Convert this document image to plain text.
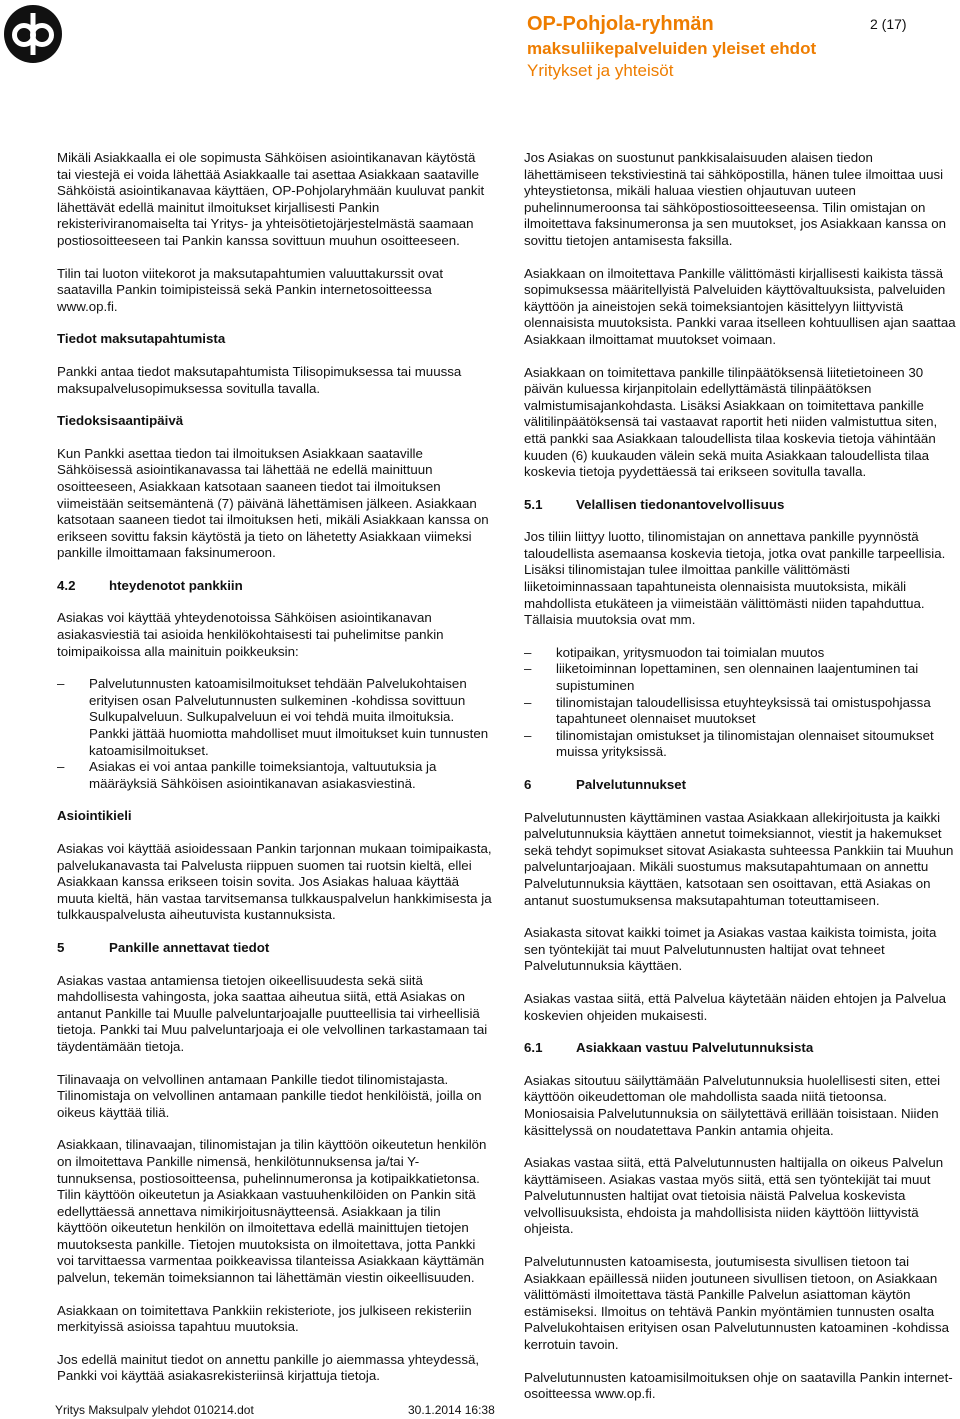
OP-Pohjola-ryhmän
maksuliikepalveluiden yleiset ehdot
Yritykset ja yhteisöt
2 (17)

Mikäli Asiakkaalla ei ole sopimusta Sähköisen asiointikanavan käytöstä tai viestejä ei voida lähettää Asiakkaalle tai asettaa Asiakkaan saataville Sähköistä asiointikanavaa käyttäen, OP-Pohjolaryhmään kuuluvat pankit lähettävät edellä mainitut ilmoitukset kirjallisesti Pankin rekisteriviranomaiselta tai Yritys- ja yhteisötietojärjestelmästä saamaan postiosoitteeseen tai Pankin kanssa sovittuun muuhun osoitteeseen.

Tilin tai luoton viitekorot ja maksutapahtumien valuuttakurssit ovat saatavilla Pankin toimipisteissä sekä Pankin internetosoitteessa www.op.fi.

Tiedot maksutapahtumista

Pankki antaa tiedot maksutapahtumista Tilisopimuksessa tai muussa maksupalvelusopimuksessa sovitulla tavalla.

Tiedoksisaantipäivä

Kun Pankki asettaa tiedon tai ilmoituksen Asiakkaan saataville Sähköisessä asiointikanavassa tai lähettää ne edellä mainittuun osoitteeseen, Asiakkaan katsotaan saaneen tiedot tai ilmoituksen viimeistään seitsemäntenä (7) päivänä lähettämisen jälkeen. Asiakkaan katsotaan saaneen tiedot tai ilmoituksen heti, mikäli Asiakkaan kanssa on erikseen sovittu faksin käytöstä ja tieto on lähetetty Asiakkaan viimeksi pankille ilmoittamaan faksinumeroon.

4.2	hteydenotot pankkiin

Asiakas voi käyttää yhteydenotoissa Sähköisen asiointikanavan asiakasviestiä tai asioida henkilökohtaisesti tai puhelimitse pankin toimipaikoissa alla mainituin poikkeuksin:

– Palvelutunnusten katoamisilmoitukset tehdään Palvelukohtaisen erityisen osan Palvelutunnusten sulkeminen -kohdissa sovittuun Sulkupalveluun. Sulkupalveluun ei voi tehdä muita ilmoituksia. Pankki jättää huomiotta mahdolliset muut ilmoitukset kuin tunnusten katoamisilmoitukset.
– Asiakas ei voi antaa pankille toimeksiantoja, valtuutuksia ja määräyksiä Sähköisen asiointikanavan asiakasviestinä.
Asiointikieli

Asiakas voi käyttää asioidessaan Pankin tarjonnan mukaan toimipaikasta, palvelukanavasta tai Palvelusta riippuen suomen tai ruotsin kieltä, ellei Asiakkaan kanssa erikseen toisin sovita. Jos Asiakas haluaa käyttää muuta kieltä, hän vastaa tarvitsemansa tulkkauspalvelun hankkimisesta ja tulkkauspalvelusta aiheutuvista kustannuksista.

5	Pankille annettavat tiedot

Asiakas vastaa antamiensa tietojen oikeellisuudesta sekä siitä mahdollisesta vahingosta, joka saattaa aiheutua siitä, että Asiakas on antanut Pankille tai Muulle palveluntarjoajalle puutteellisia tai virheellisiä tietoja. Pankki tai Muu palveluntarjoaja ei ole velvollinen tarkastamaan tai täydentämään tietoja.

Tilinavaaja on velvollinen antamaan Pankille tiedot tilinomistajasta. Tilinomistaja on velvollinen antamaan pankille tiedot henkilöistä, joilla on oikeus käyttää tiliä.

Asiakkaan, tilinavaajan, tilinomistajan ja tilin käyttöön oikeutetun henkilön on ilmoitettava Pankille nimensä, henkilötunnuksensa ja/tai Y-tunnuksensa, postiosoitteensa, puhelinnumeronsa ja kotipaikkatietonsa. Tilin käyttöön oikeutetun ja Asiakkaan vastuuhenkilöiden on Pankin sitä edellyttäessä annettava nimikirjoitusnäytteensä. Asiakkaan ja tilin käyttöön oikeutetun henkilön on ilmoitettava edellä mainittujen tietojen muutoksesta pankille. Tietojen muutoksista on ilmoitettava, jotta Pankki voi tarvittaessa varmentaa poikkeavissa tilanteissa Asiakkaan käyttämän palvelun, tekemän toimeksiannon tai lähettämän viestin oikeellisuuden.

Asiakkaan on toimitettava Pankkiin rekisteriote, jos julkiseen rekisteriin merkityissä asioissa tapahtuu muutoksia.

Jos edellä mainitut tiedot on annettu pankille jo aiemmassa yhteydessä, Pankki voi käyttää asiakasrekisteriinsä kirjattuja tietoja.

Jos Asiakas on suostunut pankkisalaisuuden alaisen tiedon lähettämiseen tekstiviestinä tai sähköpostilla, hänen tulee ilmoittaa uusi yhteystietonsa, mikäli haluaa viestien ohjautuvan uuteen puhelinnumeroonsa tai sähköpostiosoitteeseensa. Tilin omistajan on ilmoitettava faksinumeronsa ja sen muutokset, jos Asiakkaan kanssa on sovittu tietojen antamisesta faksilla.

Asiakkaan on ilmoitettava Pankille välittömästi kirjallisesti kaikista tässä sopimuksessa määritellyistä Palveluiden käyttövaltuuksista, palveluiden käyttöön ja aineistojen sekä toimeksiantojen käsittelyyn liittyvistä olennaisista muutoksista. Pankki varaa itselleen kohtuullisen ajan saattaa Asiakkaan ilmoittamat muutokset voimaan.

Asiakkaan on toimitettava pankille tilinpäätöksensä liitetietoineen 30 päivän kuluessa kirjanpitolain edellyttämästä tilinpäätöksen valmistumisajankohdasta. Lisäksi Asiakkaan on toimitettava pankille välitilinpäätöksensä tai vastaavat raportit heti niiden valmistuttua siten, että pankki saa Asiakkaan taloudellista tilaa koskevia tietoja vähintään kuuden (6) kuukauden välein sekä muita Asiakkaan taloudellista tilaa koskevia tietoja pyydettäessä tai erikseen sovitulla tavalla.

5.1	Velallisen tiedonantovelvollisuus

Jos tiliin liittyy luotto, tilinomistajan on annettava pankille pyynnöstä taloudellista asemaansa koskevia tietoja, jotka ovat pankille tarpeellisia. Lisäksi tilinomistajan tulee ilmoittaa pankille välittömästi liiketoiminnassaan tapahtuneista olennaisista muutoksista, mikäli mahdollista etukäteen ja viimeistään välittömästi niiden tapahduttua. Tällaisia muutoksia ovat mm.

– kotipaikan, yritysmuodon tai toimialan muutos
– liiketoiminnan lopettaminen, sen olennainen laajentuminen tai supistuminen
– tilinomistajan taloudellisissa etuyhteyksissä tai omistuspohjassa tapahtuneet olennaiset muutokset
– tilinomistajan omistukset ja tilinomistajan olennaiset sitoumukset muissa yrityksissä.
6	Palvelutunnukset

Palvelutunnusten käyttäminen vastaa Asiakkaan allekirjoitusta ja kaikki palvelutunnuksia käyttäen annetut toimeksiannot, viestit ja hakemukset sekä tehdyt sopimukset sitovat Asiakasta suhteessa Pankkiin tai Muuhun palveluntarjoajaan. Mikäli suostumus maksutapahtumaan on annettu Palvelutunnuksia käyttäen, katsotaan sen osoittavan, että Asiakas on antanut suostumuksensa maksutapahtuman toteuttamiseen.

Asiakasta sitovat kaikki toimet ja Asiakas vastaa kaikista toimista, joita sen työntekijät tai muut Palvelutunnusten haltijat ovat tehneet Palvelutunnuksia käyttäen.

Asiakas vastaa siitä, että Palvelua käytetään näiden ehtojen ja Palvelua koskevien ohjeiden mukaisesti.

6.1	Asiakkaan vastuu Palvelutunnuksista

Asiakas sitoutuu säilyttämään Palvelutunnuksia huolellisesti siten, ettei käyttöön oikeudettoman ole mahdollista saada niitä tietoonsa. Moniosaisia Palvelutunnuksia on säilytettävä erillään toisistaan. Niiden käsittelyssä on noudatettava Pankin antamia ohjeita.

Asiakas vastaa siitä, että Palvelutunnusten haltijalla on oikeus Palvelun käyttämiseen. Asiakas vastaa myös siitä, että sen työntekijät tai muut Palvelutunnusten haltijat ovat tietoisia näistä Palvelua koskevista velvollisuuksista, ehdoista ja mahdollisista niiden käyttöön liittyvistä ohjeista.

Palvelutunnusten katoamisesta, joutumisesta sivullisen tietoon tai Asiakkaan epäillessä niiden joutuneen sivullisen tietoon, on Asiakkaan välittömästi ilmoitettava tästä Pankille Palvelun asiattoman käytön estämiseksi. Ilmoitus on tehtävä Pankin myöntämien tunnusten osalta Palvelukohtaisen erityisen osan Palvelutunnusten katoaminen -kohdissa kerrotuin tavoin.

Palvelutunnusten katoamisilmoituksen ohje on saatavilla Pankin internet-osoitteessa www.op.fi.

Yritys Maksulpalv ylehdot 010214.dot	30.1.2014 16:38
